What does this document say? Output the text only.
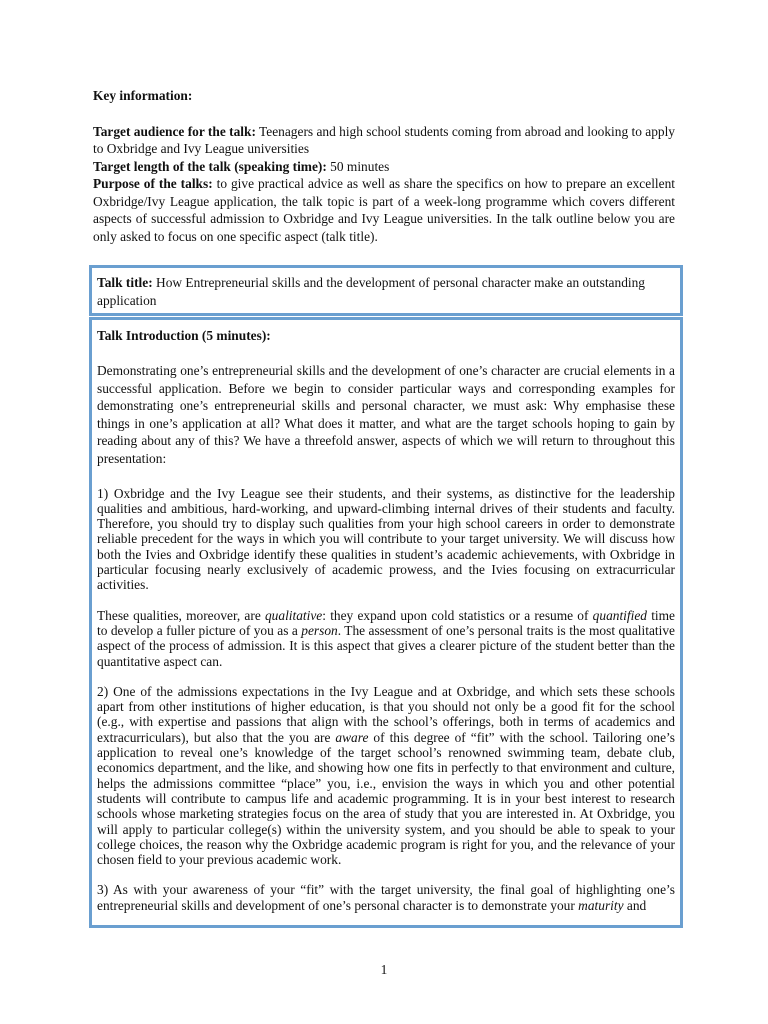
Key information:

Target audience for the talk: Teenagers and high school students coming from abroad and looking to apply to Oxbridge and Ivy League universities

Target length of the talk (speaking time): 50 minutes

Purpose of the talks: to give practical advice as well as share the specifics on how to prepare an excellent Oxbridge/Ivy League application, the talk topic is part of a week-long programme which covers different aspects of successful admission to Oxbridge and Ivy League universities. In the talk outline below you are only asked to focus on one specific aspect (talk title).

Talk title: How Entrepreneurial skills and the development of personal character make an outstanding application

Talk Introduction (5 minutes):

Demonstrating one’s entrepreneurial skills and the development of one’s character are crucial elements in a successful application. Before we begin to consider particular ways and corresponding examples for demonstrating one’s entrepreneurial skills and personal character, we must ask: Why emphasise these things in one’s application at all? What does it matter, and what are the target schools hoping to gain by reading about any of this? We have a threefold answer, aspects of which we will return to throughout this presentation:

1) Oxbridge and the Ivy League see their students, and their systems, as distinctive for the leadership qualities and ambitious, hard-working, and upward-climbing internal drives of their students and faculty. Therefore, you should try to display such qualities from your high school careers in order to demonstrate reliable precedent for the ways in which you will contribute to your target university. We will discuss how both the Ivies and Oxbridge identify these qualities in student’s academic achievements, with Oxbridge in particular focusing nearly exclusively of academic prowess, and the Ivies focusing on extracurricular activities.

These qualities, moreover, are qualitative: they expand upon cold statistics or a resume of quantified time to develop a fuller picture of you as a person. The assessment of one’s personal traits is the most qualitative aspect of the process of admission. It is this aspect that gives a clearer picture of the student better than the quantitative aspect can.

2) One of the admissions expectations in the Ivy League and at Oxbridge, and which sets these schools apart from other institutions of higher education, is that you should not only be a good fit for the school (e.g., with expertise and passions that align with the school’s offerings, both in terms of academics and extracurriculars), but also that the you are aware of this degree of “fit” with the school. Tailoring one’s application to reveal one’s knowledge of the target school’s renowned swimming team, debate club, economics department, and the like, and showing how one fits in perfectly to that environment and culture, helps the admissions committee “place” you, i.e., envision the ways in which you and other potential students will contribute to campus life and academic programming. It is in your best interest to research schools whose marketing strategies focus on the area of study that you are interested in. At Oxbridge, you will apply to particular college(s) within the university system, and you should be able to speak to your college choices, the reason why the Oxbridge academic program is right for you, and the relevance of your chosen field to your previous academic work.

3) As with your awareness of your “fit” with the target university, the final goal of highlighting one’s entrepreneurial skills and development of one’s personal character is to demonstrate your maturity and

1
